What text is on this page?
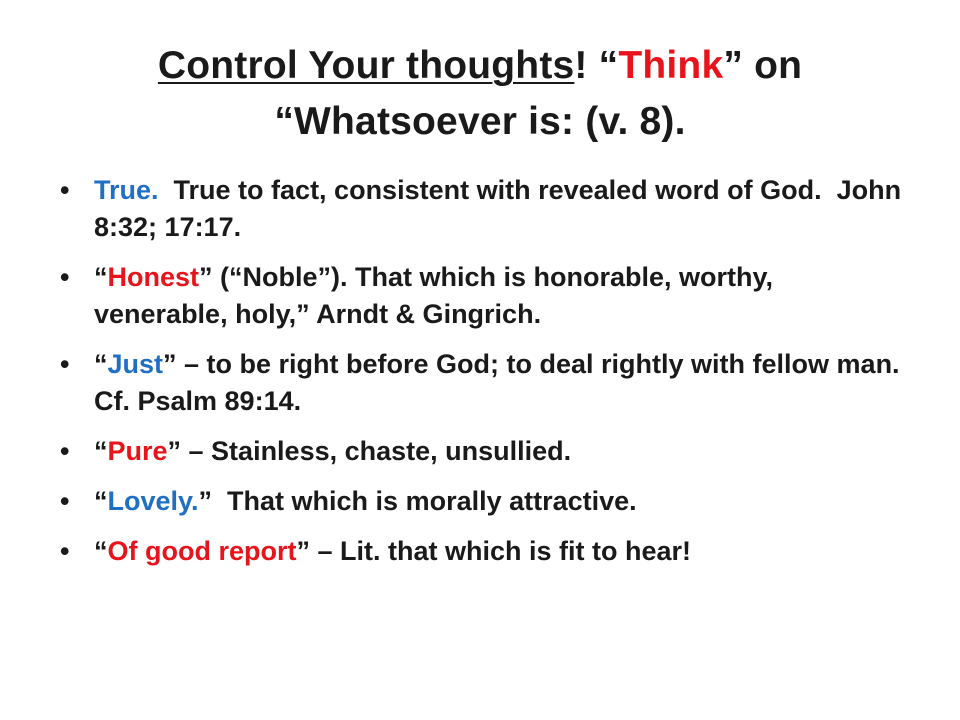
Control Your thoughts! “Think” on
“Whatsoever is: (v. 8).
• True.  True to fact, consistent with revealed word of God.  John 8:32; 17:17.
• “Honest” (“Noble”). That which is honorable, worthy, venerable, holy,” Arndt & Gingrich.
• “Just” – to be right before God; to deal rightly with fellow man. Cf. Psalm 89:14.
• “Pure” – Stainless, chaste, unsullied.
• “Lovely.”  That which is morally attractive.
• “Of good report” – Lit. that which is fit to hear!
